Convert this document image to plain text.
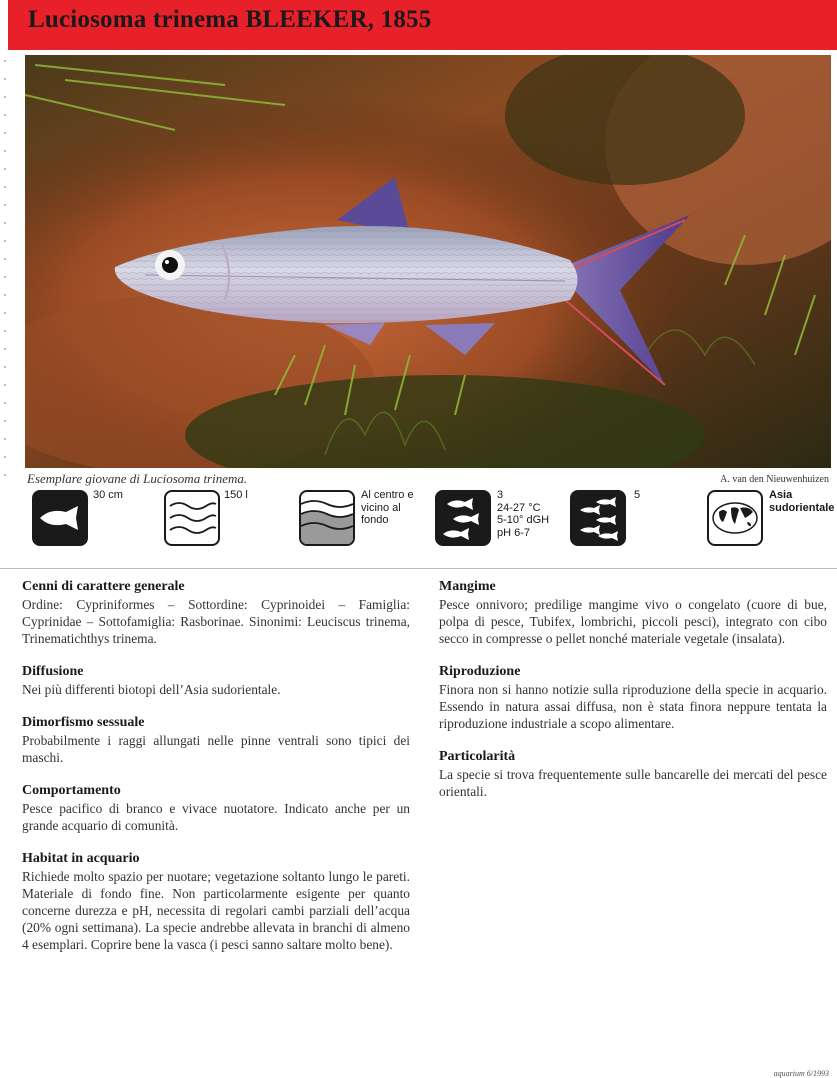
Luciosoma trinema BLEEKER, 1855
Esemplare giovane di Luciosoma trinema.	A. van den Nieuwenhuizen
30 cm	150 l	Al centro e
vicino al
fondo
3
24-27 °C
5-10° dGH
pH 6-7
5	Asia
sudorientale
Cenni di carattere generale

Ordine: Cypriniformes – Sottordine: Cyprinoidei – Famiglia: Cyprinidae – Sottofamiglia: Rasborinae. Sinonimi: Leuciscus trinema, Trinematichthys trinema.

Diffusione

Nei più differenti biotopi dell’Asia sudorientale.

Dimorfismo sessuale

Probabilmente i raggi allungati nelle pinne ventrali sono tipici dei maschi.

Comportamento

Pesce pacifico di branco e vivace nuotatore. Indicato anche per un grande acquario di comunità.

Habitat in acquario

Richiede molto spazio per nuotare; vegetazione soltanto lungo le pareti. Materiale di fondo fine. Non particolarmente esigente per quanto concerne durezza e pH, necessita di regolari cambi parziali dell’acqua (20% ogni settimana). La specie andrebbe allevata in branchi di almeno 4 esemplari. Coprire bene la vasca (i pesci sanno saltare molto bene).

Mangime

Pesce onnivoro; predilige mangime vivo o congelato (cuore di bue, polpa di pesce, Tubifex, lombrichi, piccoli pesci), integrato con cibo secco in compresse o pellet nonché materiale vegetale (insalata).

Riproduzione

Finora non si hanno notizie sulla riproduzione della specie in acquario. Essendo in natura assai diffusa, non è stata finora neppure tentata la riproduzione industriale a scopo alimentare.

Particolarità

La specie si trova frequentemente sulle bancarelle dei mercati del pesce orientali.

aquarium 6/1993
